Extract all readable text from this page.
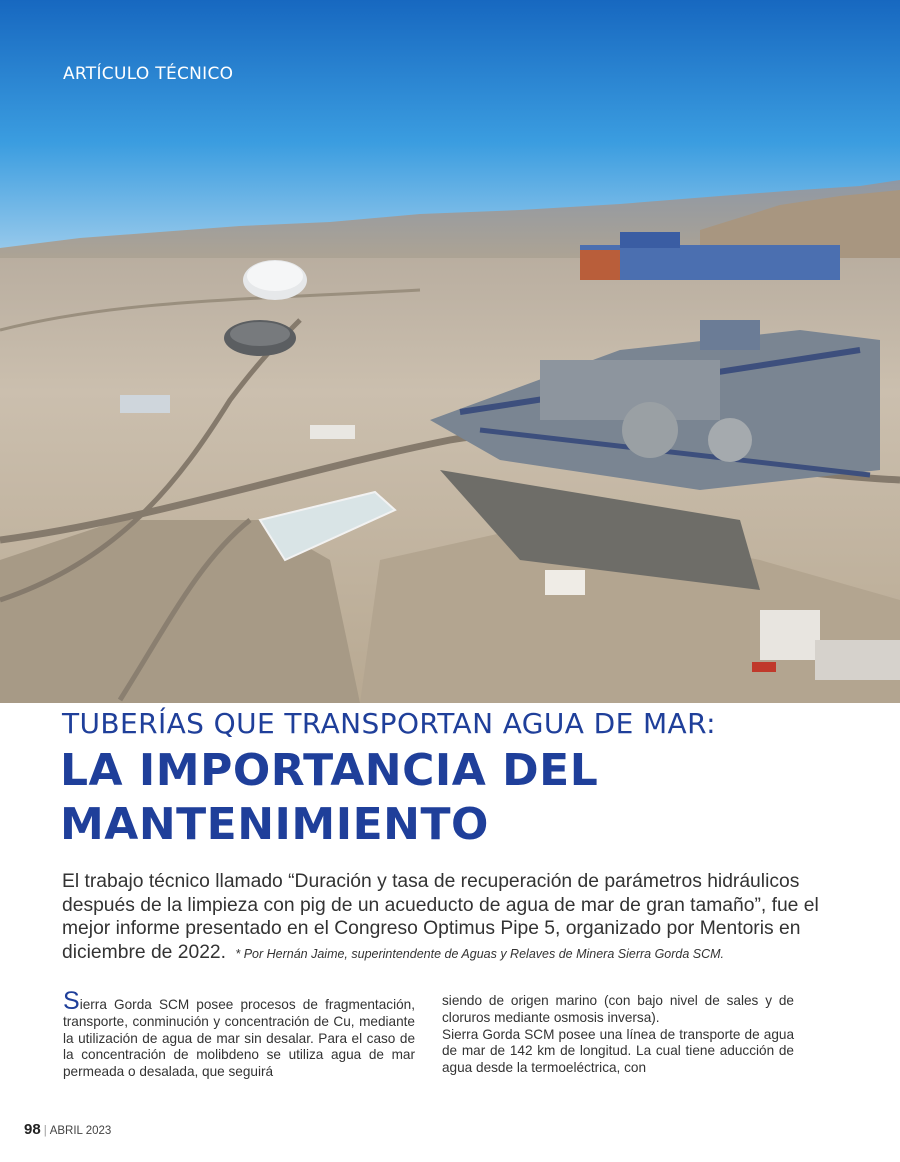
ARTÍCULO TÉCNICO
TUBERÍAS QUE TRANSPORTAN AGUA DE MAR:
LA IMPORTANCIA DEL MANTENIMIENTO
El trabajo técnico llamado “Duración y tasa de recuperación de parámetros hidráulicos después de la limpieza con pig de un acueducto de agua de mar de gran tamaño”, fue el mejor informe presentado en el Congreso Optimus Pipe 5, organizado por Mentoris en diciembre de 2022. * Por Hernán Jaime, superintendente de Aguas y Relaves de Minera Sierra Gorda SCM.

Sierra Gorda SCM posee procesos de fragmentación, transporte, conminución y concentración de Cu, mediante la utilización de agua de mar sin desalar. Para el caso de la concentración de molibdeno se utiliza agua de mar permeada o desalada, que seguirá

siendo de origen marino (con bajo nivel de sales y de cloruros mediante osmosis inversa).

Sierra Gorda SCM posee una línea de transporte de agua de mar de 142 km de longitud. La cual tiene aducción de agua desde la termoeléctrica, con

98 | ABRIL 2023
